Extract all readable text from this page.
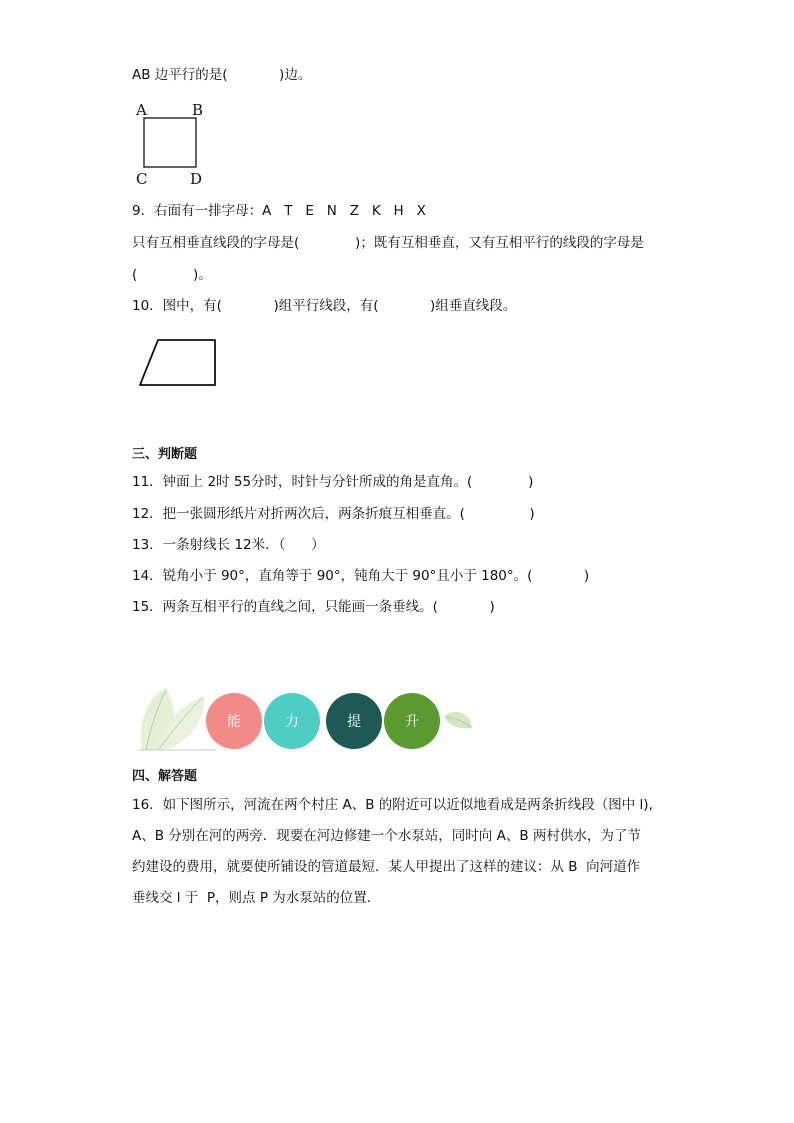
AB 边平行的是(            )边。
A	B
C	D
9．右面有一排字母：A   T   E   N   Z   K   H   X
只有互相垂直线段的字母是(             )；既有互相垂直，又有互相平行的线段的字母是
(             )。
10．图中，有(            )组平行线段，有(            )组垂直线段。
三、判断题
11．钟面上 2时 55分时，时针与分针所成的角是直角。(             )
12．把一张圆形纸片对折两次后，两条折痕互相垂直。(               )
13．一条射线长 12米．（      ）
14．锐角小于 90°，直角等于 90°，钝角大于 90°且小于 180°。(            )
15．两条互相平行的直线之间，只能画一条垂线。(            )
能	力	提	升
四、解答题
16．如下图所示，河流在两个村庄 A、B 的附近可以近似地看成是两条折线段（图中 l),
A、B 分别在河的两旁．现要在河边修建一个水泵站，同时向 A、B 两村供水，为了节
约建设的费用，就要使所铺设的管道最短．某人甲提出了这样的建议：从 B  向河道作
垂线交 l 于  P，则点 P 为水泵站的位置．
